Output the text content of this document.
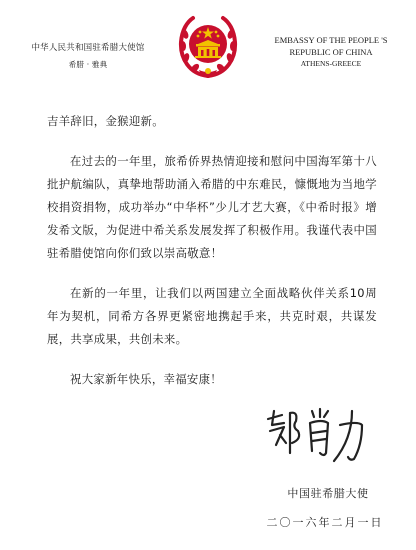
中华人民共和国驻希腊大使馆
希腊 · 雅典
EMBASSY OF THE PEOPLE 'S
REPUBLIC OF CHINA
ATHENS-GREECE

吉羊辞旧，金猴迎新。

在过去的一年里，旅希侨界热情迎接和慰问中国海军第十八批护航编队，真挚地帮助涌入希腊的中东难民，慷慨地为当地学校捐资捐物，成功举办“中华杯”少儿才艺大赛，《中希时报》增发希文版，为促进中希关系发展发挥了积极作用。我谨代表中国驻希腊使馆向你们致以崇高敬意！

在新的一年里，让我们以两国建立全面战略伙伴关系10周年为契机，同希方各界更紧密地携起手来，共克时艰，共谋发展，共享成果，共创未来。

祝大家新年快乐，幸福安康！

中国驻希腊大使
二〇一六年二月一日
